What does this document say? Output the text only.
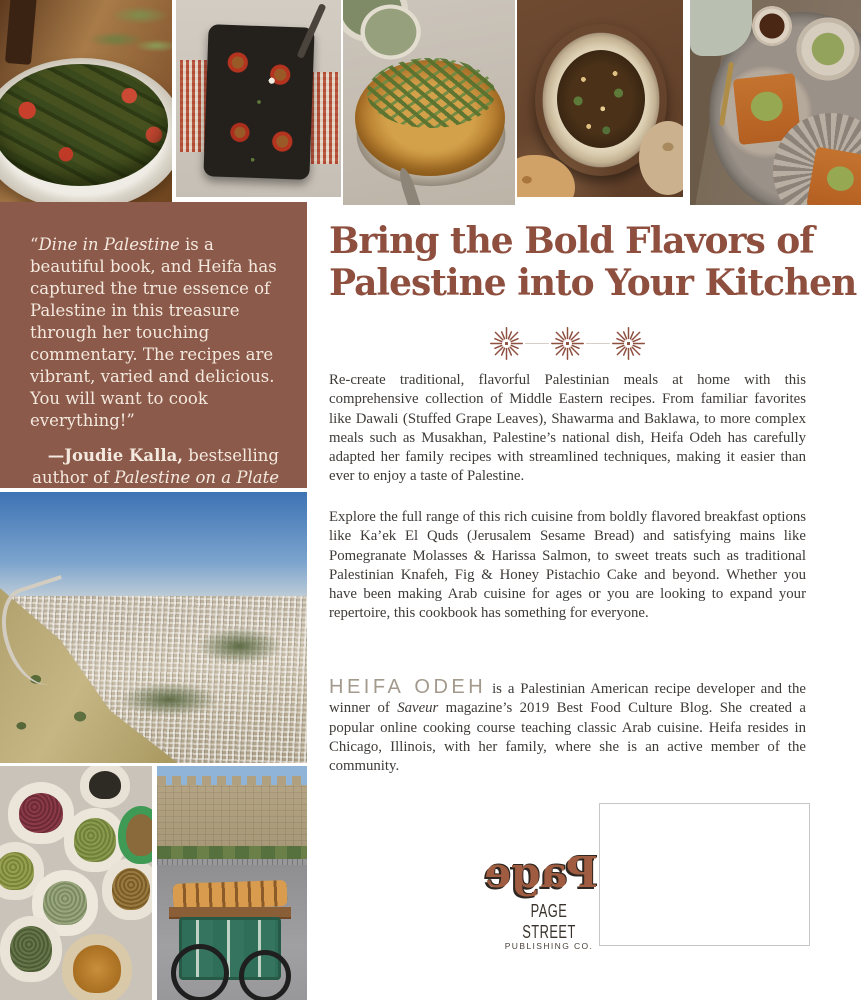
“Dine in Palestine is a beautiful book, and Heifa has captured the true essence of Palestine in this treasure through her touching commentary. The recipes are vibrant, varied and delicious. You will want to cook everything!”

—Joudie Kalla, bestselling author of Palestine on a Plate

Bring the Bold Flavors of
Palestine into Your Kitchen

Re-create traditional, flavorful Palestinian meals at home with this comprehensive collection of Middle Eastern recipes. From familiar favorites like Dawali (Stuffed Grape Leaves), Shawarma and Baklawa, to more complex meals such as Musakhan, Palestine’s national dish, Heifa Odeh has carefully adapted her family recipes with streamlined techniques, making it easier than ever to enjoy a taste of Palestine.

Explore the full range of this rich cuisine from boldly flavored breakfast options like Ka’ek El Quds (Jerusalem Sesame Bread) and satisfying mains like Pomegranate Molasses & Harissa Salmon, to sweet treats such as traditional Palestinian Knafeh, Fig & Honey Pistachio Cake and beyond. Whether you have been making Arab cuisine for ages or you are looking to expand your repertoire, this cookbook has something for everyone.

HEIFA ODEH is a Palestinian American recipe developer and the winner of Saveur magazine’s 2019 Best Food Culture Blog. She created a popular online cooking course teaching classic Arab cuisine. Heifa resides in Chicago, Illinois, with her family, where she is an active member of the community.

Page
PAGE STREET
PUBLISHING CO.
